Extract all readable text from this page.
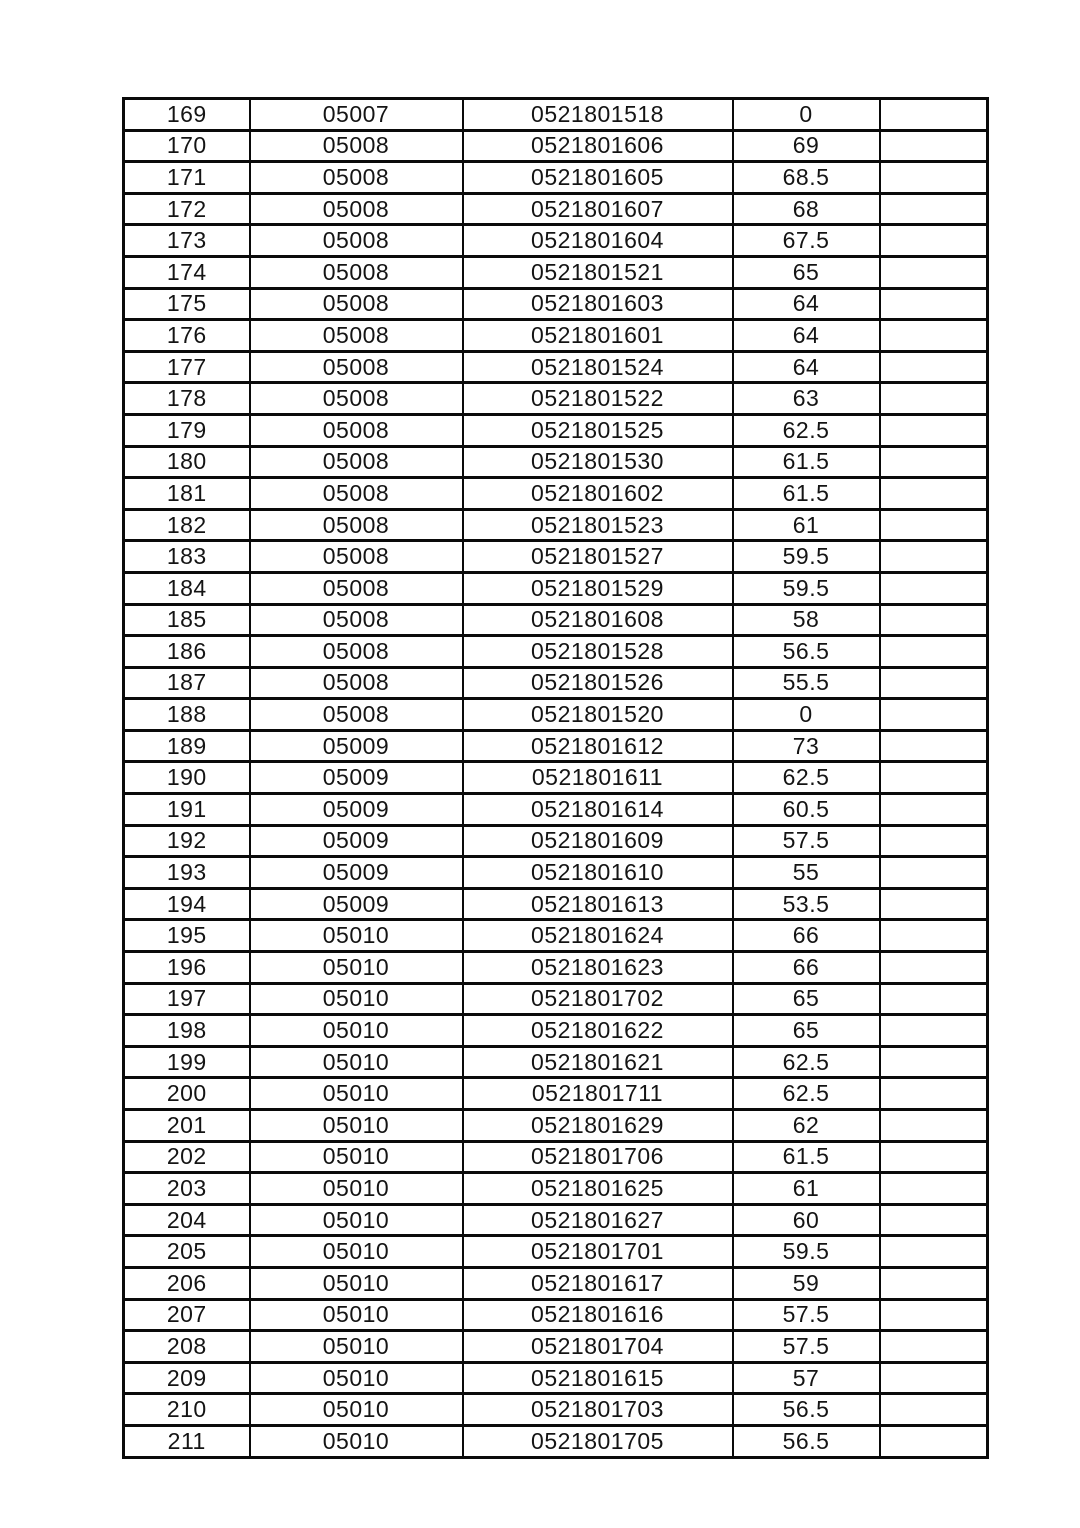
169	05007	0521801518	0	
170	05008	0521801606	69	
171	05008	0521801605	68.5	
172	05008	0521801607	68	
173	05008	0521801604	67.5	
174	05008	0521801521	65	
175	05008	0521801603	64	
176	05008	0521801601	64	
177	05008	0521801524	64	
178	05008	0521801522	63	
179	05008	0521801525	62.5	
180	05008	0521801530	61.5	
181	05008	0521801602	61.5	
182	05008	0521801523	61	
183	05008	0521801527	59.5	
184	05008	0521801529	59.5	
185	05008	0521801608	58	
186	05008	0521801528	56.5	
187	05008	0521801526	55.5	
188	05008	0521801520	0	
189	05009	0521801612	73	
190	05009	0521801611	62.5	
191	05009	0521801614	60.5	
192	05009	0521801609	57.5	
193	05009	0521801610	55	
194	05009	0521801613	53.5	
195	05010	0521801624	66	
196	05010	0521801623	66	
197	05010	0521801702	65	
198	05010	0521801622	65	
199	05010	0521801621	62.5	
200	05010	0521801711	62.5	
201	05010	0521801629	62	
202	05010	0521801706	61.5	
203	05010	0521801625	61	
204	05010	0521801627	60	
205	05010	0521801701	59.5	
206	05010	0521801617	59	
207	05010	0521801616	57.5	
208	05010	0521801704	57.5	
209	05010	0521801615	57	
210	05010	0521801703	56.5	
211	05010	0521801705	56.5	
